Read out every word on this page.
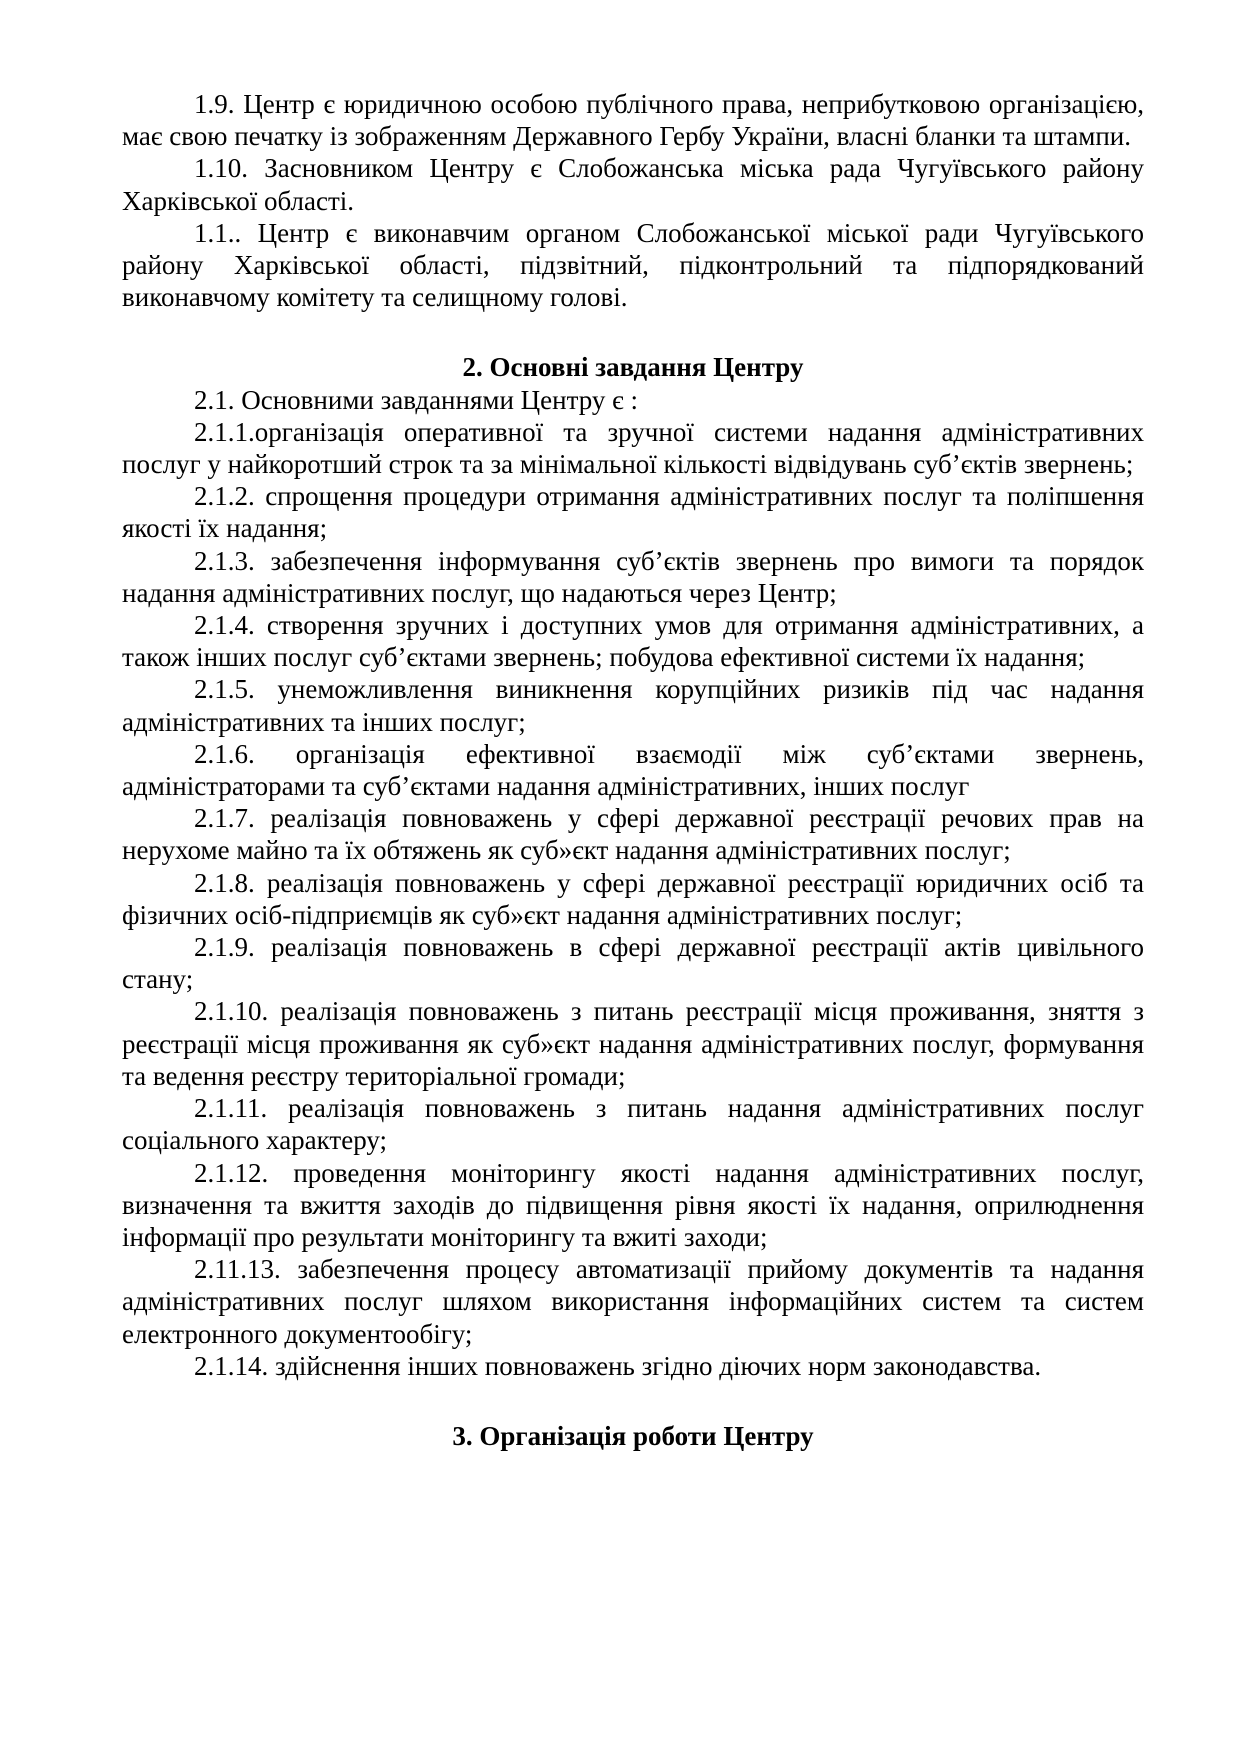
1.9. Центр є юридичною особою публічного права, неприбутковою організацією, має свою печатку із зображенням Державного Гербу України, власні бланки та штампи.

1.10. Засновником Центру є Слобожанська міська рада Чугуївського району Харківської області.

1.1.. Центр є виконавчим органом Слобожанської міської ради Чугуївського району Харківської області, підзвітний, підконтрольний та підпорядкований виконавчому комітету та селищному голові.

2. Основні завдання Центру

2.1. Основними завданнями Центру є :

2.1.1.організація оперативної та зручної системи надання адміністративних послуг у найкоротший строк та за мінімальної кількості відвідувань суб’єктів звернень;

2.1.2. спрощення процедури отримання адміністративних послуг та поліпшення якості їх надання;

2.1.3. забезпечення інформування суб’єктів звернень про вимоги та порядок надання адміністративних послуг, що надаються через Центр;

2.1.4. створення зручних і доступних умов для отримання адміністративних, а також інших послуг суб’єктами звернень; побудова ефективної системи їх надання;

2.1.5. унеможливлення виникнення корупційних ризиків під час надання адміністративних та інших послуг;

2.1.6. організація ефективної взаємодії між суб’єктами звернень, адміністраторами та суб’єктами надання адміністративних, інших послуг

2.1.7. реалізація повноважень у сфері державної реєстрації речових прав на нерухоме майно та їх обтяжень як суб»єкт надання адміністративних послуг;

2.1.8. реалізація повноважень у сфері державної реєстрації юридичних осіб та фізичних осіб-підприємців як суб»єкт надання адміністративних послуг;

2.1.9. реалізація повноважень в сфері державної реєстрації актів цивільного стану;

2.1.10. реалізація повноважень з питань реєстрації місця проживання, зняття з реєстрації місця проживання як суб»єкт надання адміністративних послуг, формування та ведення реєстру територіальної громади;

2.1.11. реалізація повноважень з питань надання адміністративних послуг соціального характеру;

2.1.12. проведення моніторингу якості надання адміністративних послуг, визначення та вжиття заходів до підвищення рівня якості їх надання, оприлюднення інформації про результати моніторингу та вжиті заходи;

2.11.13. забезпечення процесу автоматизації прийому документів та надання адміністративних послуг шляхом використання інформаційних систем та систем електронного документообігу;

2.1.14. здійснення інших повноважень згідно діючих норм законодавства.

3. Організація роботи Центру
